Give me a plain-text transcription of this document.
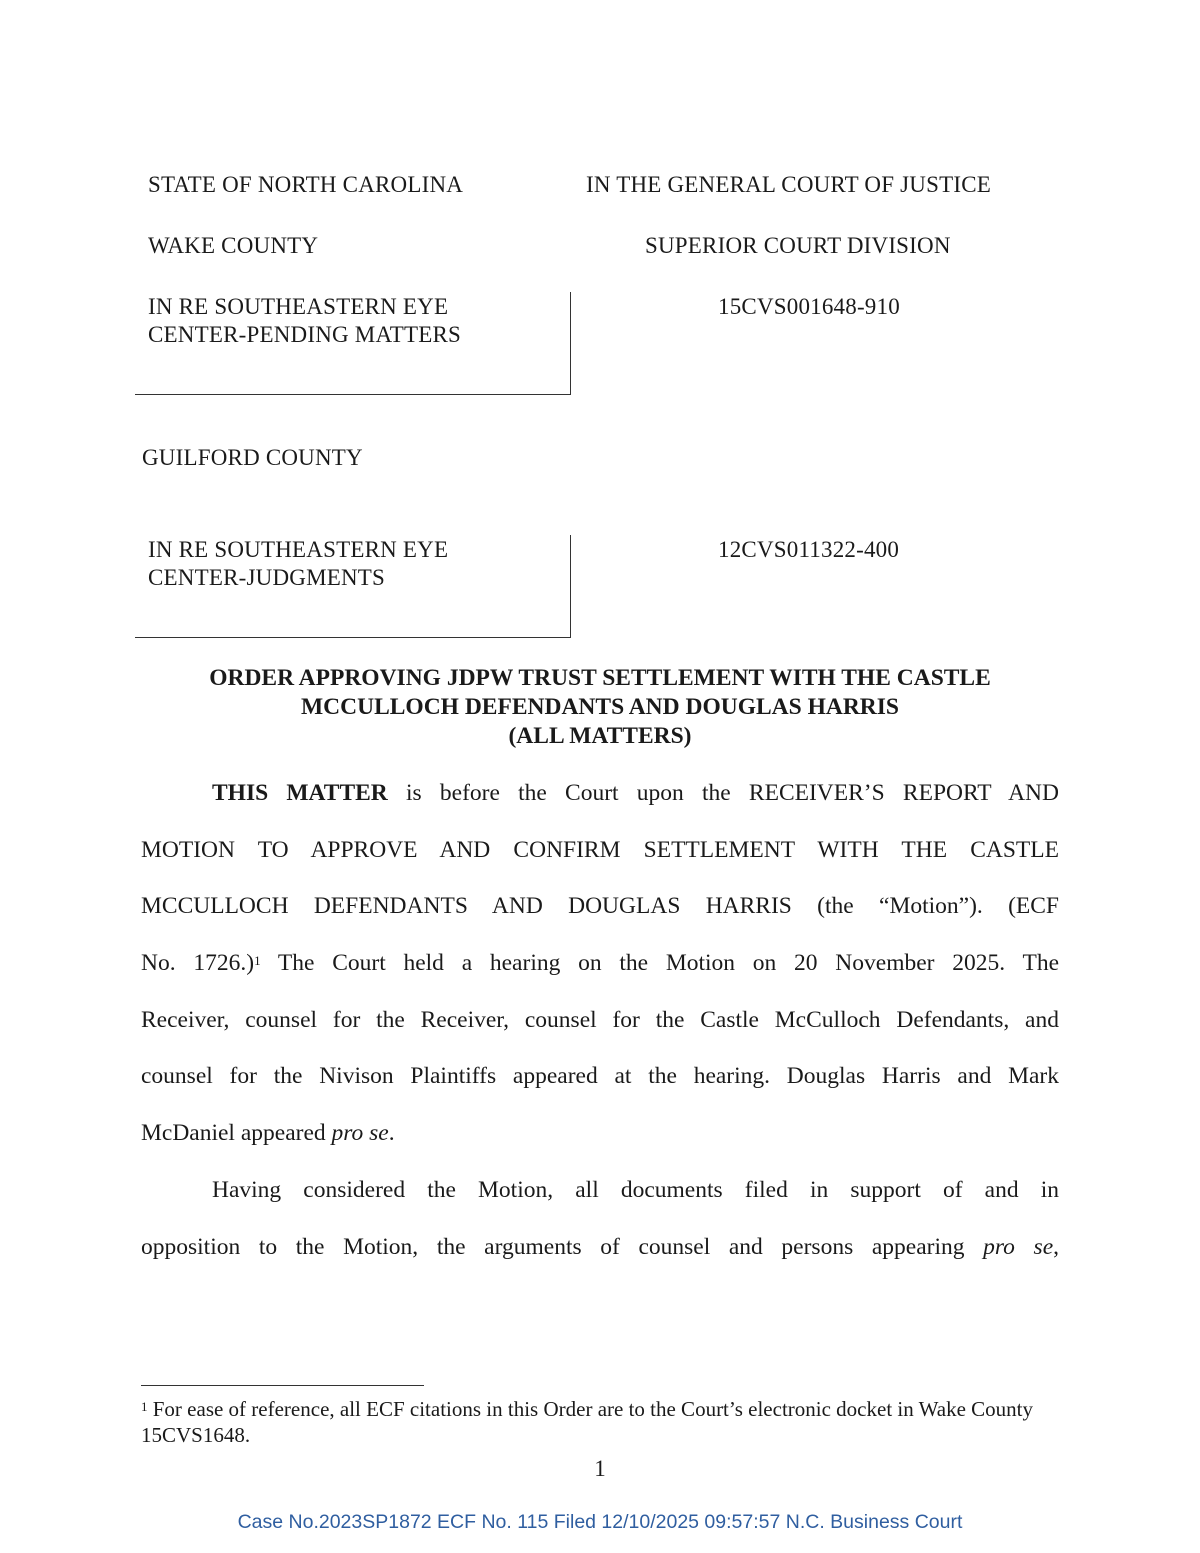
STATE OF NORTH CAROLINA	IN THE GENERAL COURT OF JUSTICE
WAKE COUNTY	SUPERIOR COURT DIVISION
IN RE SOUTHEASTERN EYE
CENTER-PENDING MATTERS
15CVS001648-910
GUILFORD COUNTY
IN RE SOUTHEASTERN EYE
CENTER-JUDGMENTS
12CVS011322-400
ORDER APPROVING JDPW TRUST SETTLEMENT WITH THE CASTLE
MCCULLOCH DEFENDANTS AND DOUGLAS HARRIS
(ALL MATTERS)
THIS MATTER is before the Court upon the RECEIVER’S REPORT AND
MOTION TO APPROVE AND CONFIRM SETTLEMENT WITH THE CASTLE
MCCULLOCH DEFENDANTS AND DOUGLAS HARRIS (the “Motion”). (ECF
No. 1726.)$^1$ The Court held a hearing on the Motion on 20 November 2025. The
Receiver, counsel for the Receiver, counsel for the Castle McCulloch Defendants, and
counsel for the Nivison Plaintiffs appeared at the hearing. Douglas Harris and Mark
McDaniel appeared pro se.
Having considered the Motion, all documents filed in support of and in
opposition to the Motion, the arguments of counsel and persons appearing pro se,
$^1$ For ease of reference, all ECF citations in this Order are to the Court’s electronic docket in Wake County 15CVS1648.
1
Case No.2023SP1872 ECF No. 115 Filed 12/10/2025 09:57:57 N.C. Business Court
